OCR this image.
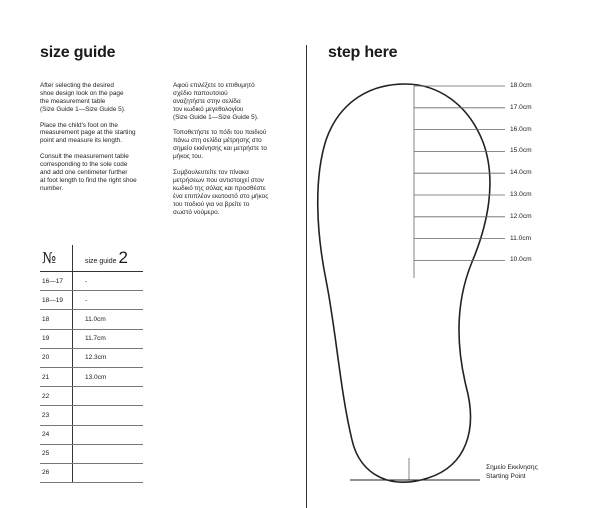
size guide
After selecting the desired
shoe design look on the page
the measurement table
(Size Guide 1—Size Guide 5).

Place the child's foot on the
measurement page at the starting
point and measure its length.

Consult the measurement table
corresponding to the sole code
and add one centimeter further
at foot length to find the right shoe
number.
Αφού επιλέξετε το επιθυμητό
σχέδιο παπουτσιού
αναζητήστε στην σελίδα
τον κωδικό μεγεθολογίου
(Size Guide 1—Size Guide 5).

Τοποθετήστε το πόδι του παιδιού
πάνω στη σελίδα μέτρησης στο
σημείο εκκίνησης και μετρήστε το
μήκος του.

Συμβουλευτείτε τον πίνακα
μετρήσεων που αντιστοιχεί στον
κωδικό της σόλας και προσθέστε
ένα επιπλέον εκατοστό στο μήκος
του ποδιού για να βρείτε το
σωστό νούμερο.
№	size guide 2
16—17	-
18—19	-
18	11.0cm
19	11.7cm
20	12.3cm
21	13.0cm
22	
23	
24	
25	
26	
step here
Σημείο Εκκίνησης
Starting Point
18.0cm
17.0cm
16.0cm
15.0cm
14.0cm
13.0cm
12.0cm
11.0cm
10.0cm
